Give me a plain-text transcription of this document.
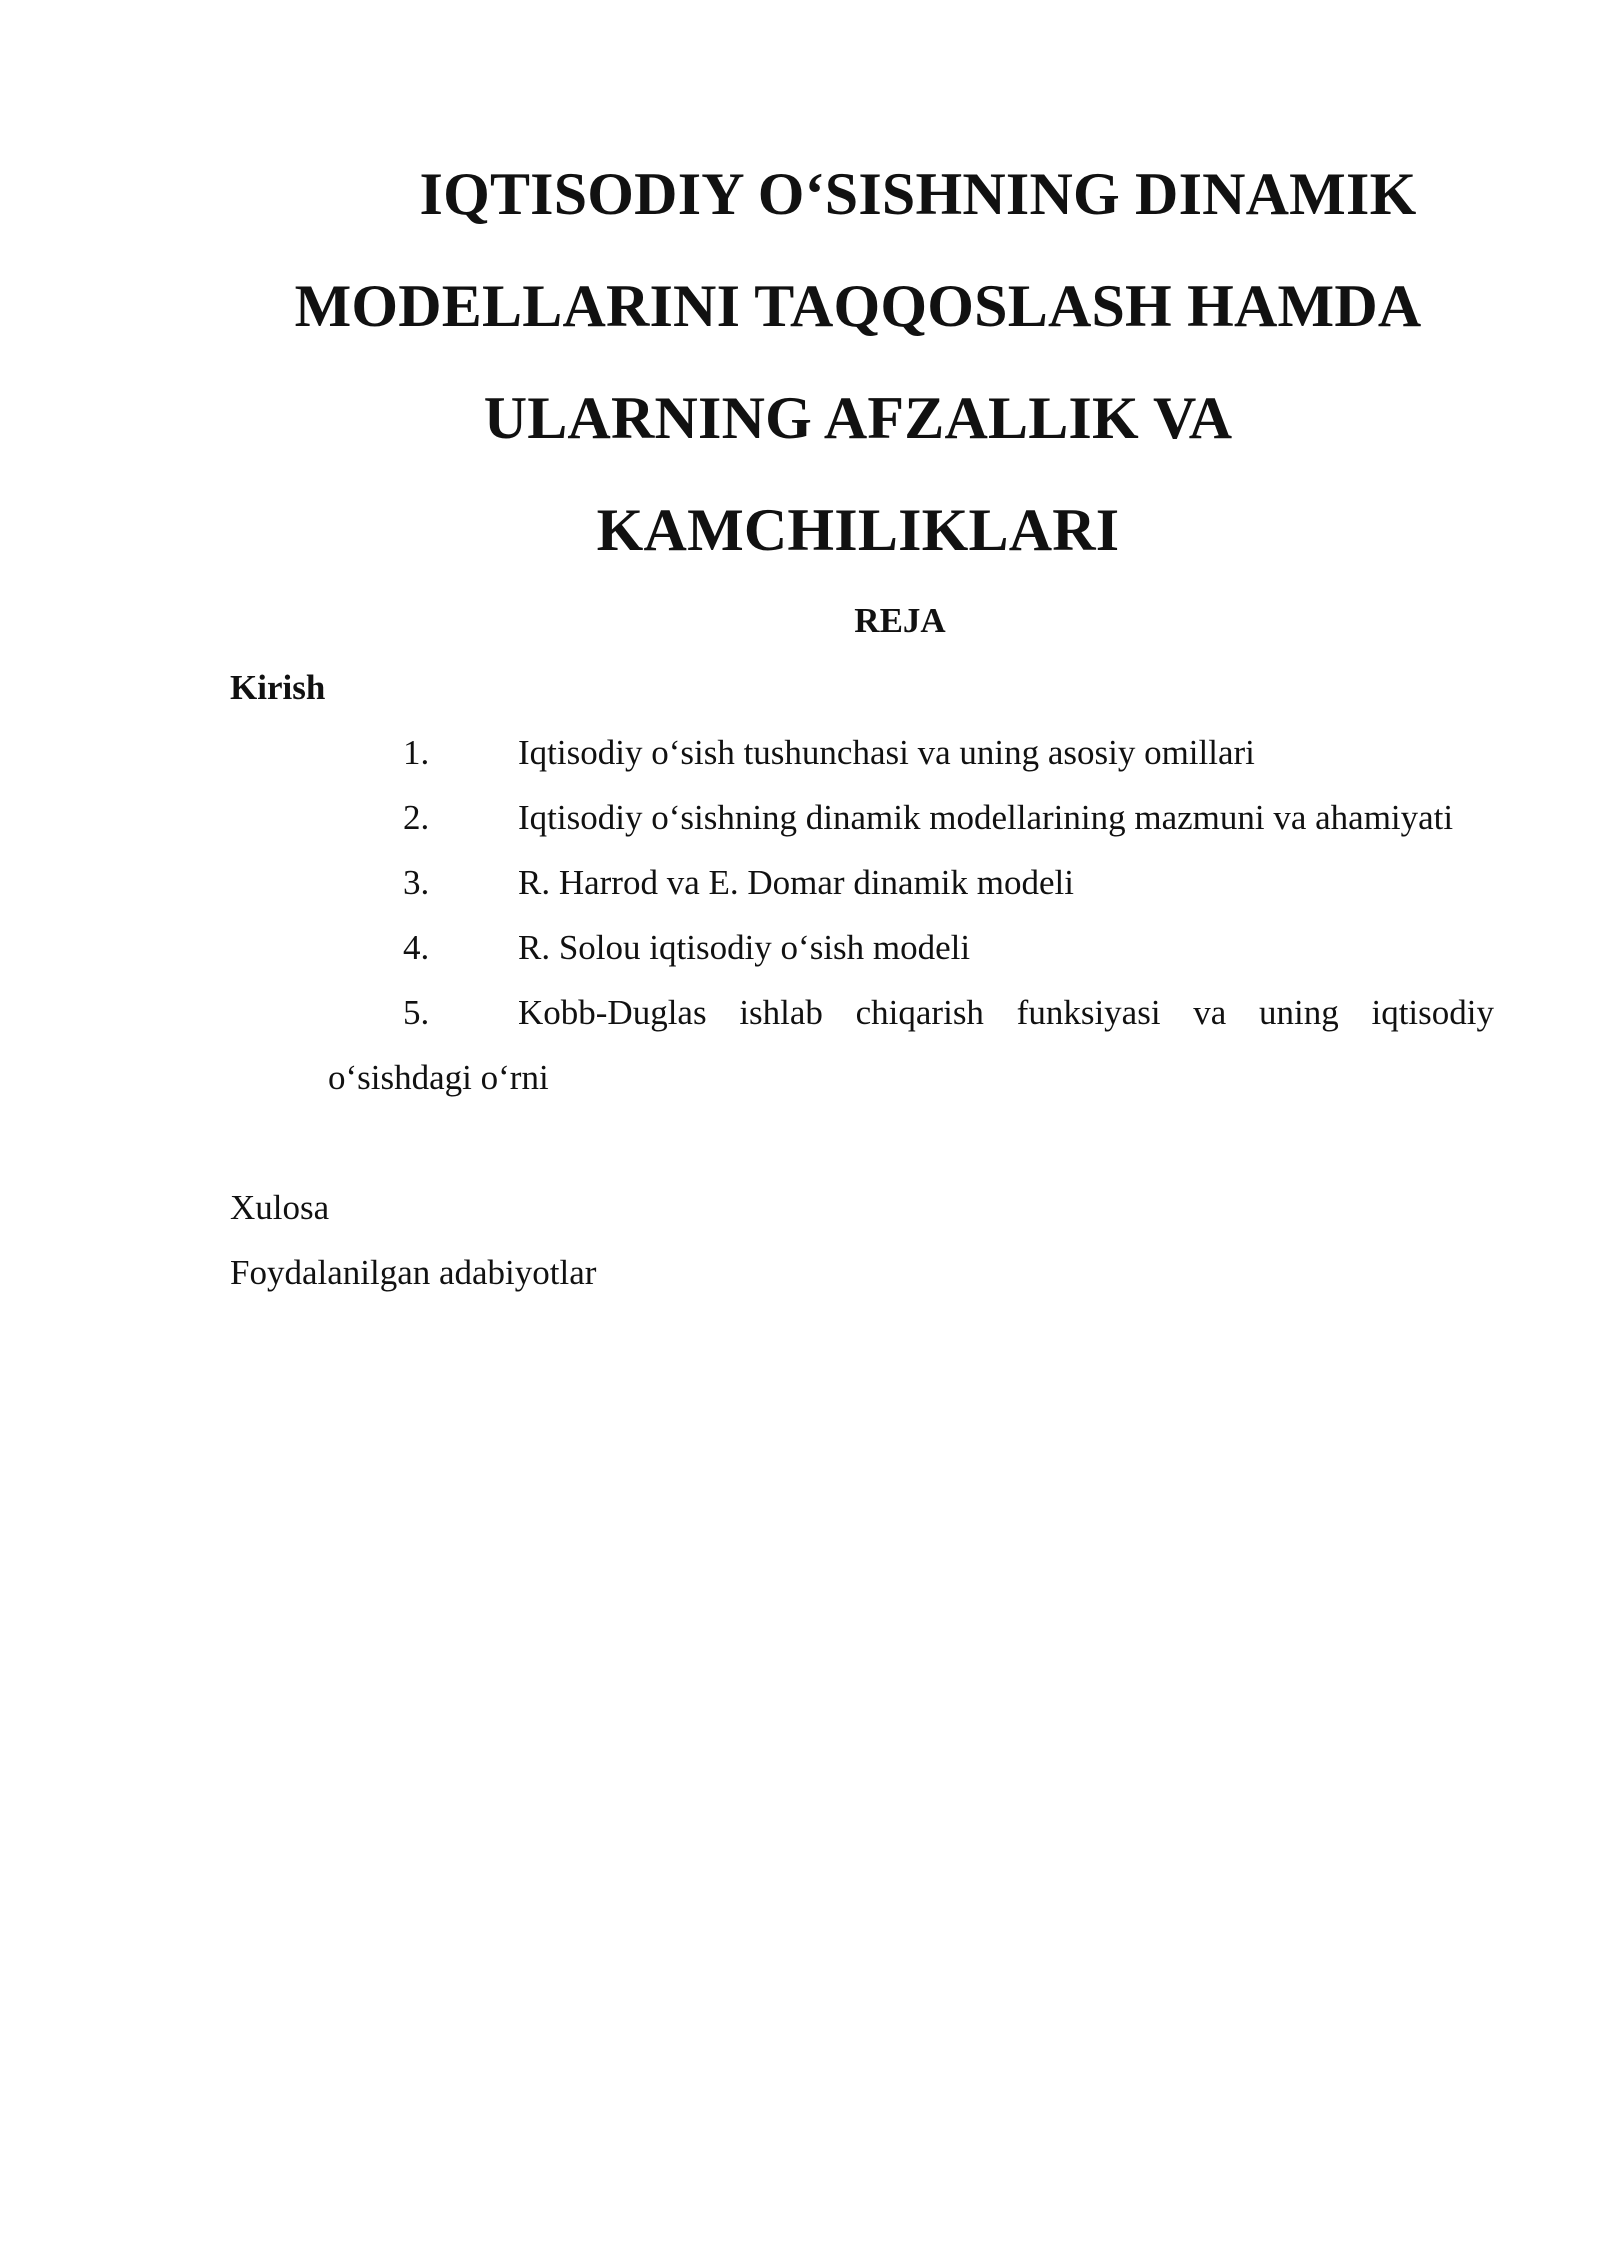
IQTISODIY O‘SISHNING DINAMIK
MODELLARINI TAQQOSLASH HAMDA
ULARNING AFZALLIK VA
KAMCHILIKLARI
REJA
Kirish
1.	Iqtisodiy o‘sish tushunchasi va uning asosiy omillari
2.	Iqtisodiy o‘sishning dinamik modellarining mazmuni va ahamiyati
3.	R. Harrod va E. Domar dinamik modeli
4.	R. Solou iqtisodiy o‘sish modeli
5.	Kobb-Duglas ishlab chiqarish funksiyasi va uning iqtisodiy o‘sishdagi o‘rni
Xulosa
Foydalanilgan adabiyotlar
